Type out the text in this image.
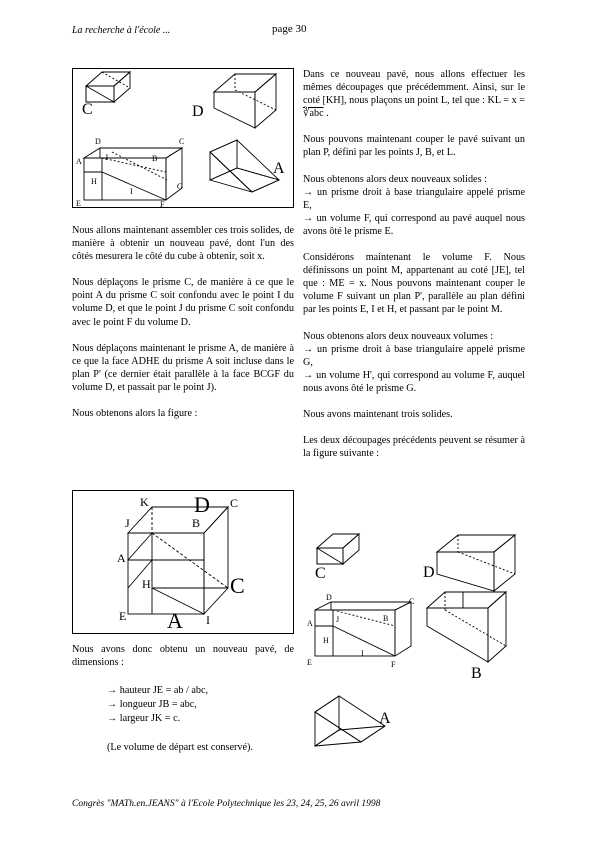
La recherche à l'école ...	page 30
C	D
D	C
A	J	B
H
G
I
E	F
A

Nous allons maintenant assembler ces trois solides, de manière à obtenir un nouveau pavé, dont l'un des côtés mesurera le côté du cube à obtenir, soit x.

Nous déplaçons le prisme C, de manière à ce que le point A du prisme C soit confondu avec le point I du volume D, et que le point J du prisme C soit confondu avec le point F du volume D.

Nous déplaçons maintenant le prisme A, de manière à ce que la face ADHE du prisme A soit incluse dans le plan P' (ce dernier était parallèle à la face BCGF du volume D, et passait par le point J).

Nous obtenons alors la figure :

K D C
J	B
A
H	C
E A I

Nous avons donc obtenu un nouveau pavé, de dimensions :

→ hauteur JE = ab / abc,
→ longueur JB = abc,
→ largeur JK = c.
(Le volume de départ est conservé).

Dans ce nouveau pavé, nous allons effectuer les mêmes découpages que précédemment. Ainsi, sur le coté [KH], nous plaçons un point L, tel que : KL = x = ∛abc .

Nous pouvons maintenant couper le pavé suivant un plan P, défini par les points J, B, et L.

Nous obtenons alors deux nouveaux solides :
→ un prisme droit à base triangulaire appelé prisme E,
→ un volume F, qui correspond au pavé auquel nous avons ôté le prisme E.

Considérons maintenant le volume F. Nous définissons un point M, appartenant au coté [JE], tel que : ME = x. Nous pouvons maintenant couper le volume F suivant un plan P', parallèle au plan défini par les points E, I et H, et passant par le point M.

Nous obtenons alors deux nouveaux volumes :
→ un prisme droit à base triangulaire appelé prisme G,
→ un volume H', qui correspond au volume F, auquel nous avons ôté le prisme G.

Nous avons maintenant trois solides.

Les deux découpages précédents peuvent se résumer à la figure suivante :

C	D
D	C
A	J	B
H
I
E	F
B
A
Congrès "MATh.en.JEANS" à l'Ecole Polytechnique les 23, 24, 25, 26 avril 1998
